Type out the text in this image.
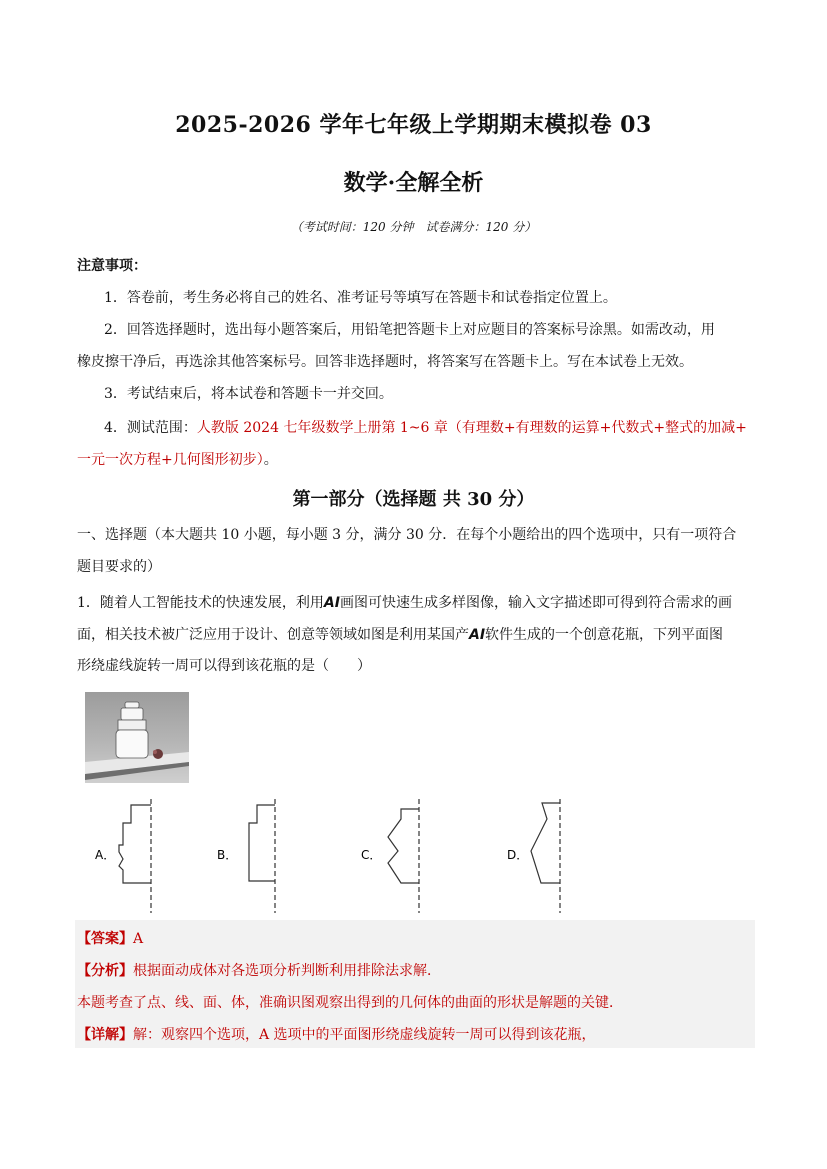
2025-2026 学年七年级上学期期末模拟卷 03
数学·全解全析
（考试时间：120 分钟　试卷满分：120 分）
注意事项：
1．答卷前，考生务必将自己的姓名、准考证号等填写在答题卡和试卷指定位置上。
2．回答选择题时，选出每小题答案后，用铅笔把答题卡上对应题目的答案标号涂黑。如需改动，用
橡皮擦干净后，再选涂其他答案标号。回答非选择题时，将答案写在答题卡上。写在本试卷上无效。
3．考试结束后，将本试卷和答题卡一并交回。
4．测试范围：人教版 2024 七年级数学上册第 1~6 章（有理数+有理数的运算+代数式+整式的加减+
一元一次方程+几何图形初步）。
第一部分（选择题 共 30 分）
一、选择题（本大题共 10 小题，每小题 3 分，满分 30 分．在每个小题给出的四个选项中，只有一项符合
题目要求的）
1．随着人工智能技术的快速发展，利用AI画图可快速生成多样图像，输入文字描述即可得到符合需求的画
面，相关技术被广泛应用于设计、创意等领域如图是利用某国产AI软件生成的一个创意花瓶，下列平面图
形绕虚线旋转一周可以得到该花瓶的是（　　）
A．	B．	C．	D．
【答案】A
【分析】根据面动成体对各选项分析判断利用排除法求解．
本题考查了点、线、面、体，准确识图观察出得到的几何体的曲面的形状是解题的关键．
【详解】解：观察四个选项，A 选项中的平面图形绕虚线旋转一周可以得到该花瓶，
